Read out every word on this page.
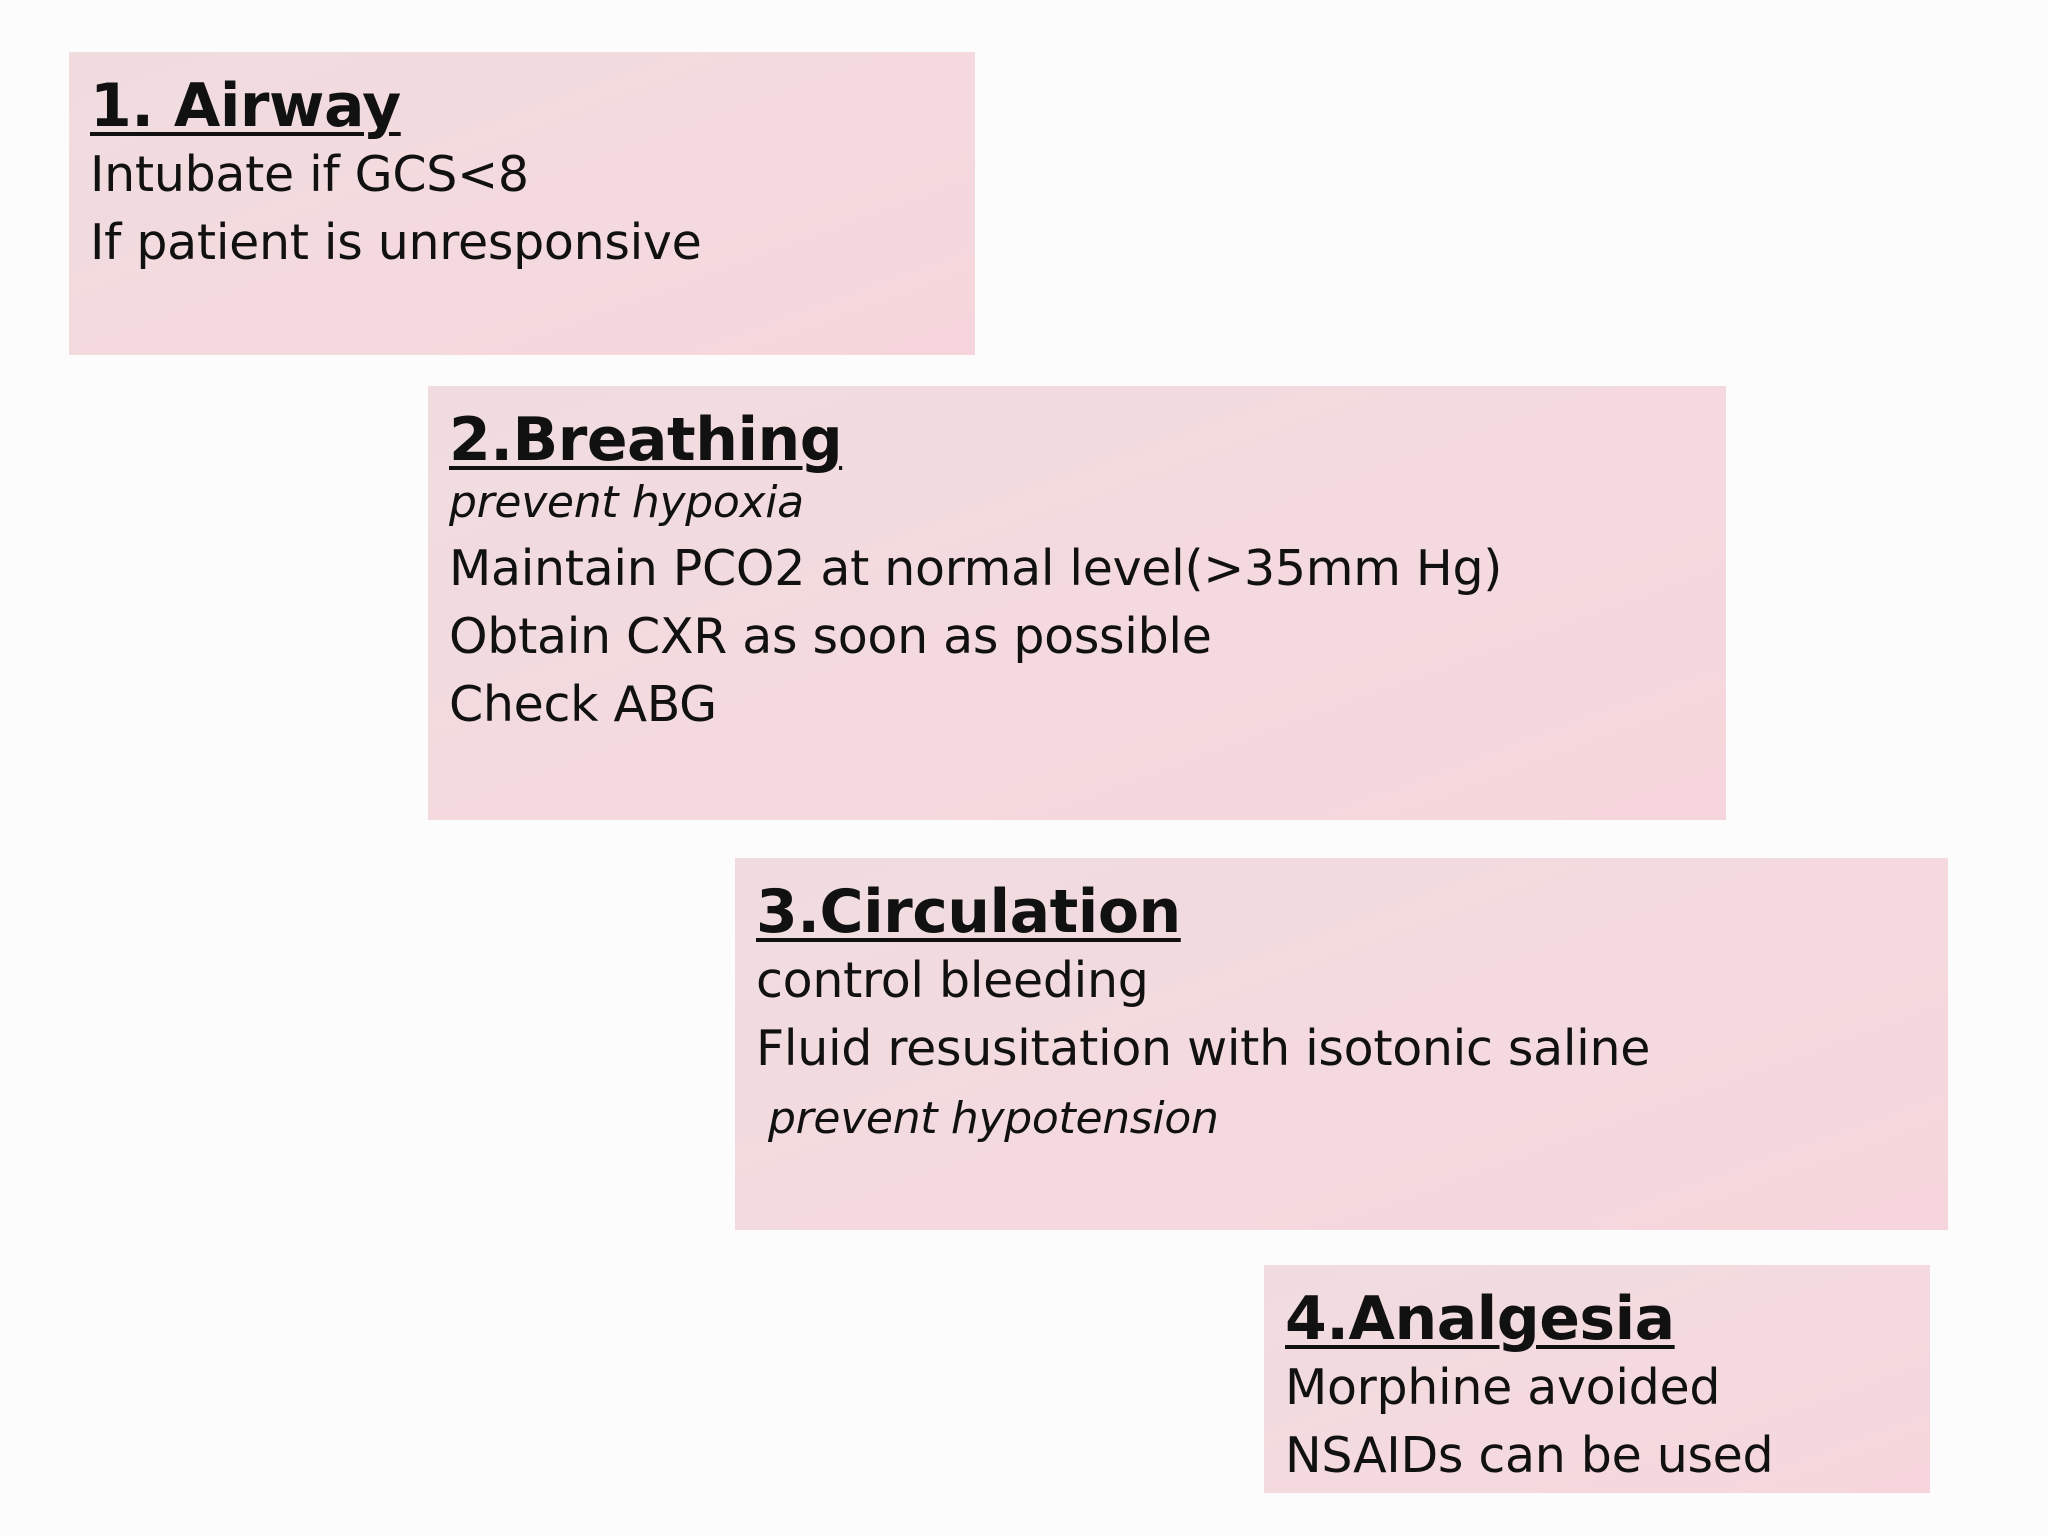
1. Airway
Intubate if GCS<8
If patient is unresponsive
2.Breathing
prevent hypoxia
Maintain PCO2 at normal level(>35mm Hg)
Obtain CXR as soon as possible
Check ABG
3.Circulation
control bleeding
Fluid resusitation with isotonic saline
prevent hypotension
4.Analgesia
Morphine avoided
NSAIDs can be used
